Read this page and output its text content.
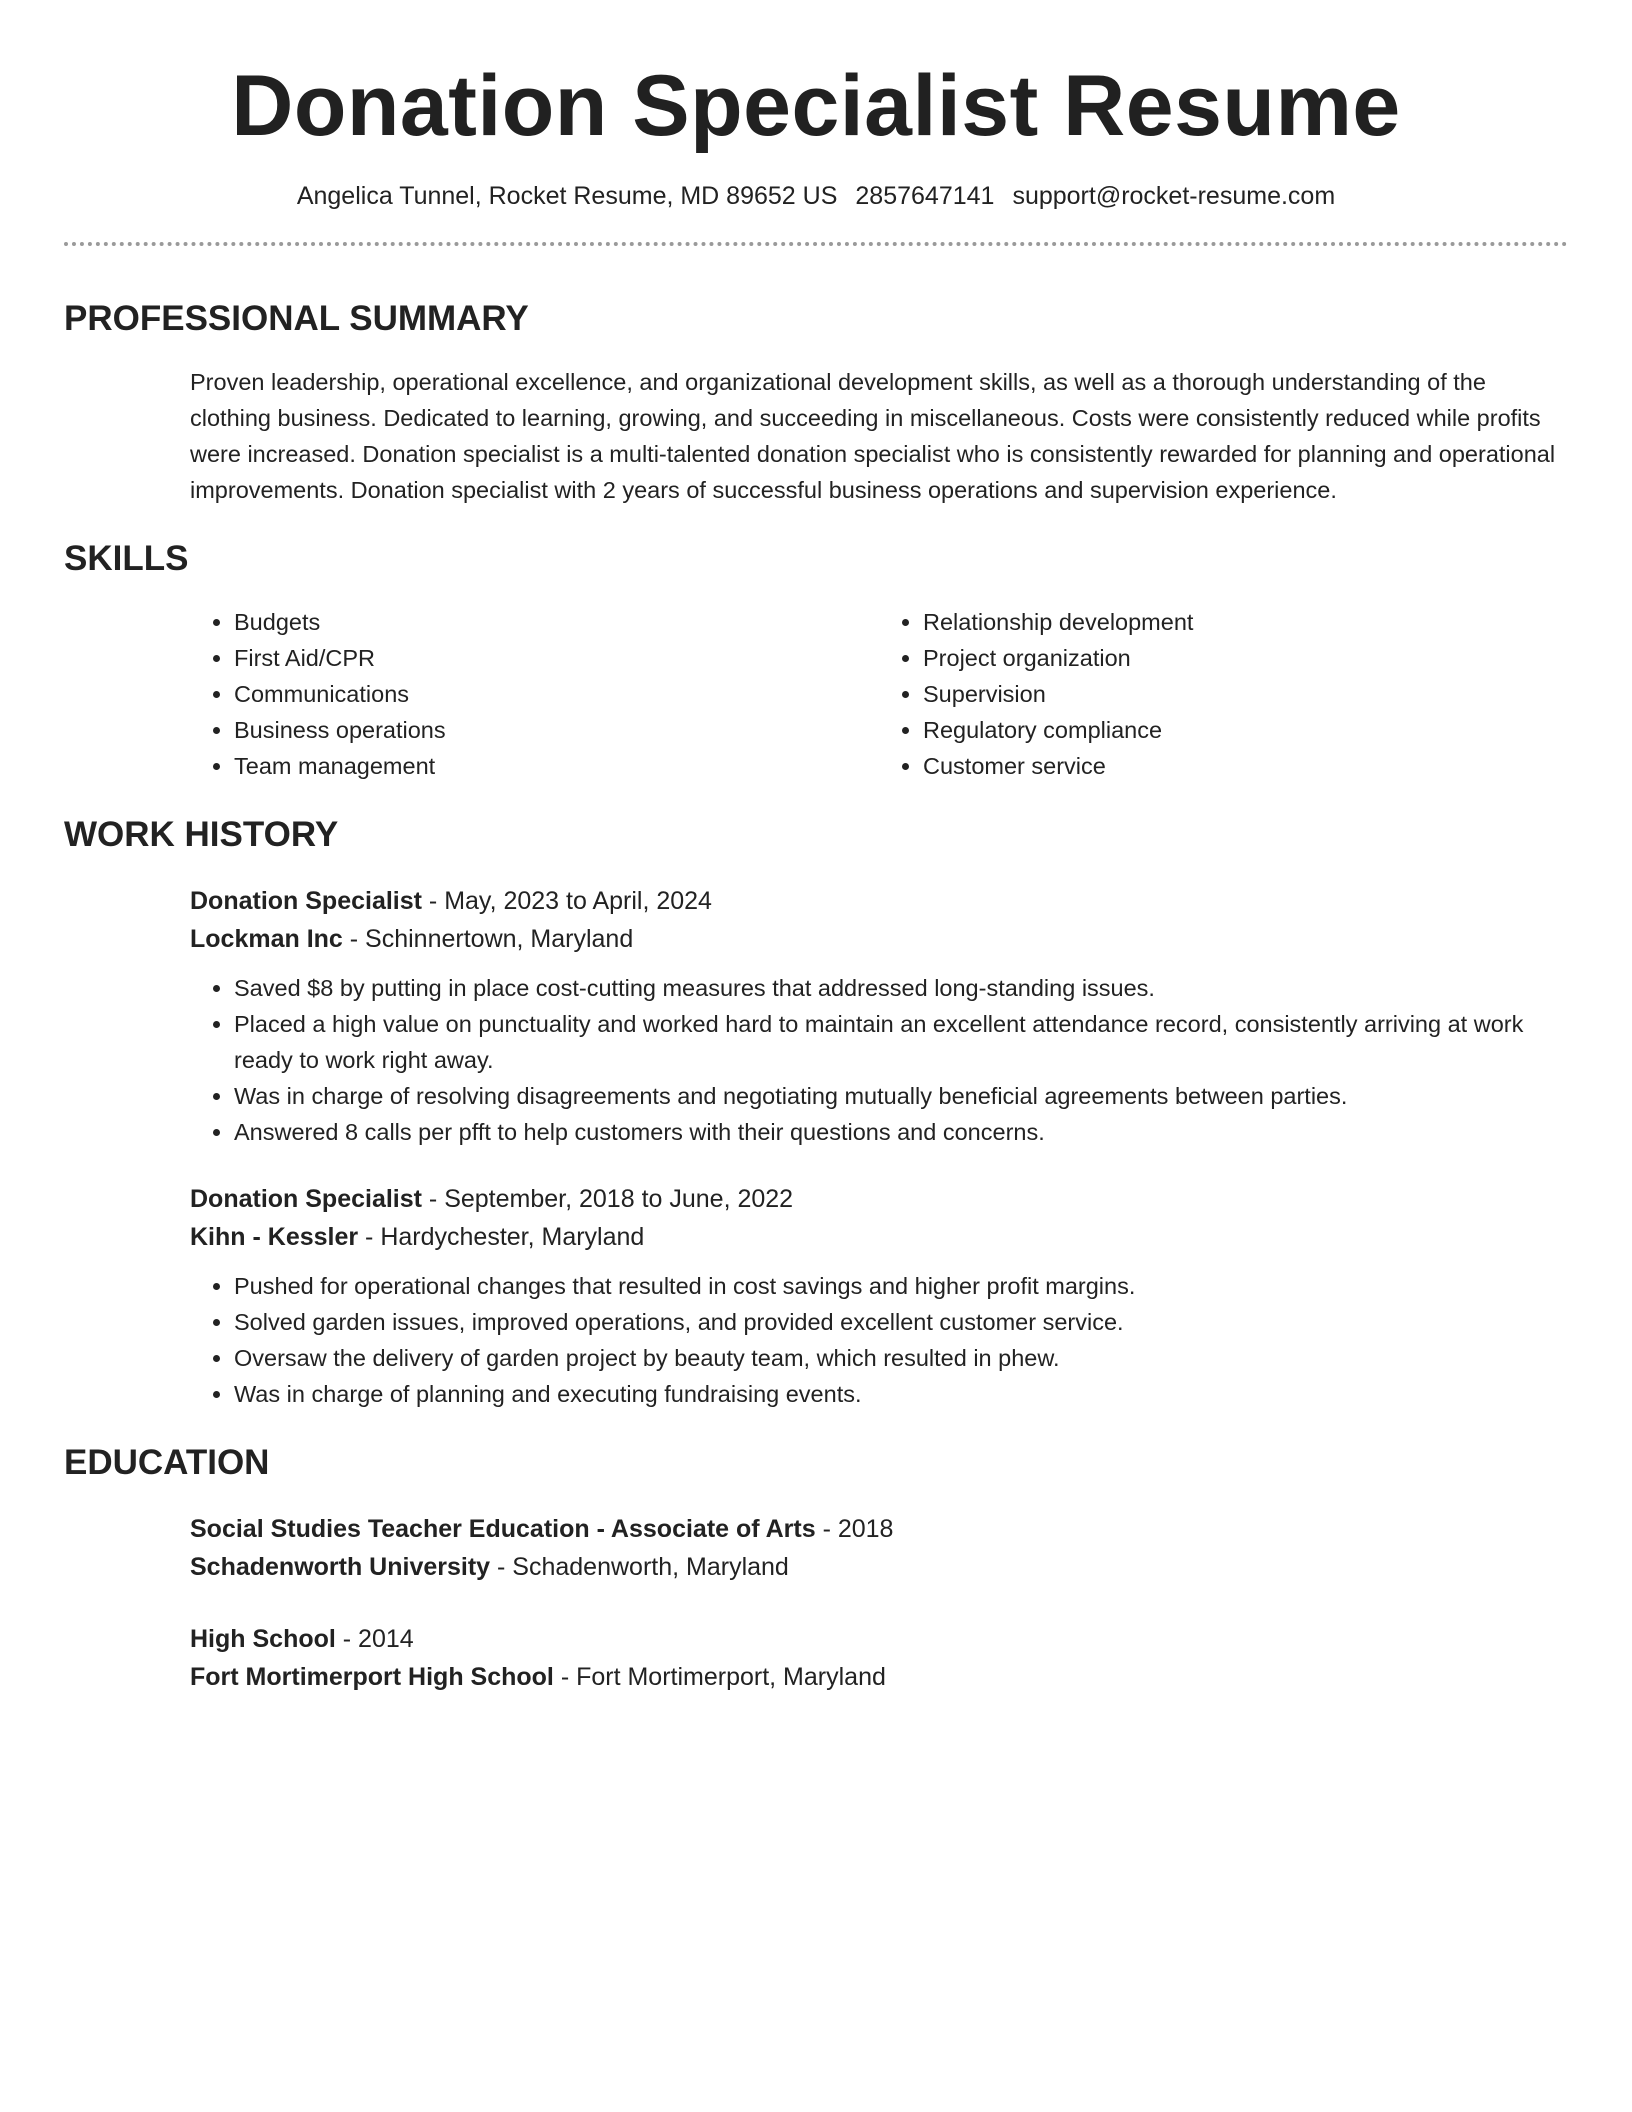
Donation Specialist Resume
Angelica Tunnel, Rocket Resume, MD 89652 US 2857647141 support@rocket-resume.com
PROFESSIONAL SUMMARY
Proven leadership, operational excellence, and organizational development skills, as well as a thorough understanding of the clothing business. Dedicated to learning, growing, and succeeding in miscellaneous. Costs were consistently reduced while profits were increased. Donation specialist is a multi-talented donation specialist who is consistently rewarded for planning and operational improvements. Donation specialist with 2 years of successful business operations and supervision experience.
SKILLS
• Budgets
• First Aid/CPR
• Communications
• Business operations
• Team management
• Relationship development
• Project organization
• Supervision
• Regulatory compliance
• Customer service
WORK HISTORY
Donation Specialist - May, 2023 to April, 2024
Lockman Inc - Schinnertown, Maryland
• Saved $8 by putting in place cost-cutting measures that addressed long-standing issues.
• Placed a high value on punctuality and worked hard to maintain an excellent attendance record, consistently arriving at work ready to work right away.
• Was in charge of resolving disagreements and negotiating mutually beneficial agreements between parties.
• Answered 8 calls per pfft to help customers with their questions and concerns.
Donation Specialist - September, 2018 to June, 2022
Kihn - Kessler - Hardychester, Maryland
• Pushed for operational changes that resulted in cost savings and higher profit margins.
• Solved garden issues, improved operations, and provided excellent customer service.
• Oversaw the delivery of garden project by beauty team, which resulted in phew.
• Was in charge of planning and executing fundraising events.
EDUCATION
Social Studies Teacher Education - Associate of Arts - 2018
Schadenworth University - Schadenworth, Maryland
High School - 2014
Fort Mortimerport High School - Fort Mortimerport, Maryland
